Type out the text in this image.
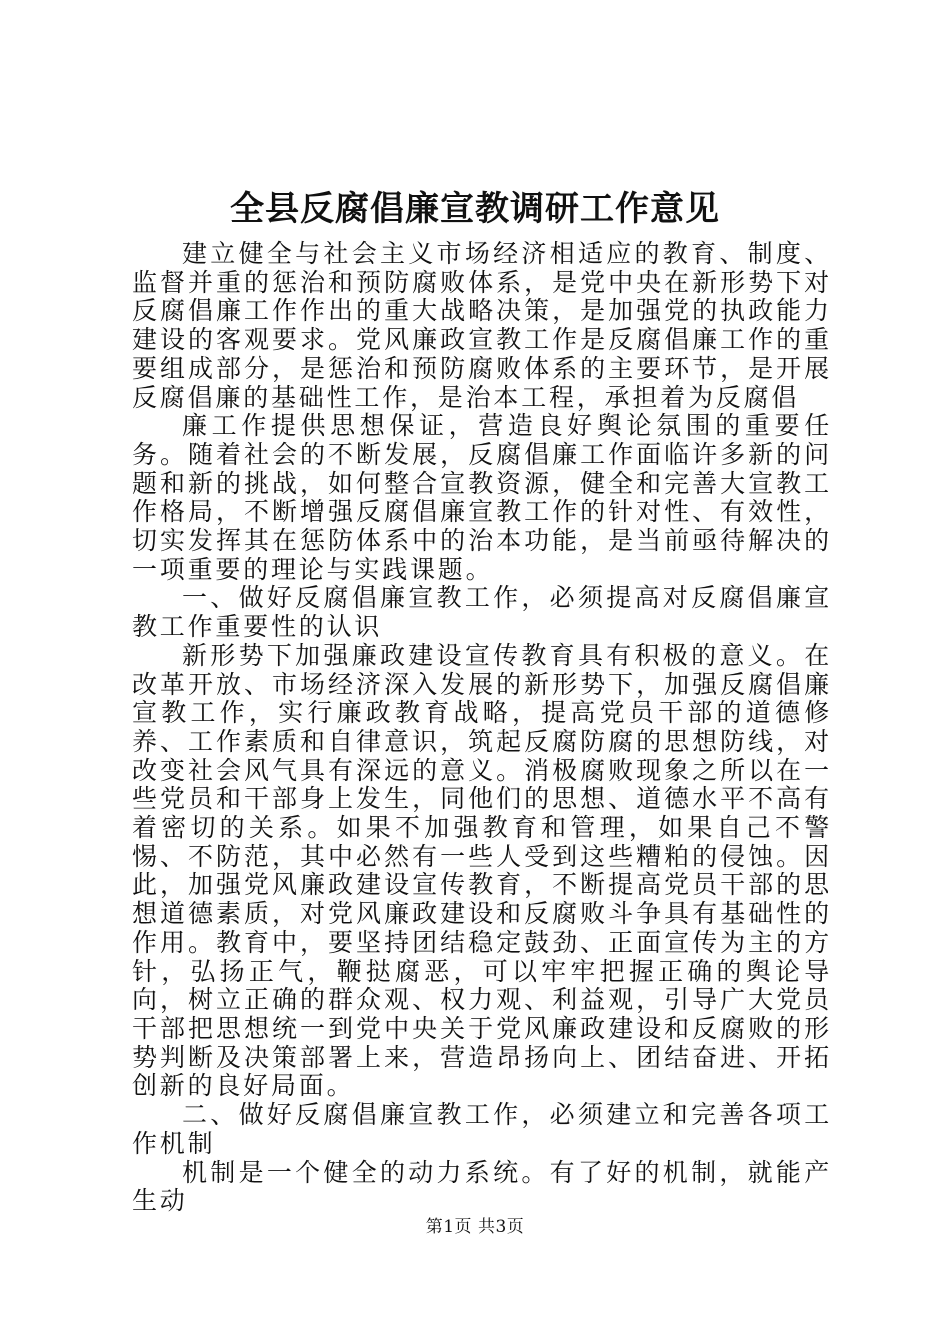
全县反腐倡廉宣教调研工作意见

建立健全与社会主义市场经济相适应的教育、制度、监督并重的惩治和预防腐败体系，是党中央在新形势下对反腐倡廉工作作出的重大战略决策，是加强党的执政能力建设的客观要求。党风廉政宣教工作是反腐倡廉工作的重要组成部分，是惩治和预防腐败体系的主要环节，是开展反腐倡廉的基础性工作，是治本工程，承担着为反腐倡

廉工作提供思想保证，营造良好舆论氛围的重要任务。随着社会的不断发展，反腐倡廉工作面临许多新的问题和新的挑战，如何整合宣教资源，健全和完善大宣教工作格局，不断增强反腐倡廉宣教工作的针对性、有效性，切实发挥其在惩防体系中的治本功能，是当前亟待解决的一项重要的理论与实践课题。

一、做好反腐倡廉宣教工作，必须提高对反腐倡廉宣教工作重要性的认识

新形势下加强廉政建设宣传教育具有积极的意义。在改革开放、市场经济深入发展的新形势下，加强反腐倡廉宣教工作，实行廉政教育战略，提高党员干部的道德修养、工作素质和自律意识，筑起反腐防腐的思想防线，对改变社会风气具有深远的意义。消极腐败现象之所以在一些党员和干部身上发生，同他们的思想、道德水平不高有着密切的关系。如果不加强教育和管理，如果自己不警惕、不防范，其中必然有一些人受到这些糟粕的侵蚀。因此，加强党风廉政建设宣传教育，不断提高党员干部的思想道德素质，对党风廉政建设和反腐败斗争具有基础性的作用。教育中，要坚持团结稳定鼓劲、正面宣传为主的方针，弘扬正气，鞭挞腐恶，可以牢牢把握正确的舆论导向，树立正确的群众观、权力观、利益观，引导广大党员干部把思想统一到党中央关于党风廉政建设和反腐败的形势判断及决策部署上来，营造昂扬向上、团结奋进、开拓创新的良好局面。

二、做好反腐倡廉宣教工作，必须建立和完善各项工作机制

机制是一个健全的动力系统。有了好的机制，就能产生动

第1页 共3页
